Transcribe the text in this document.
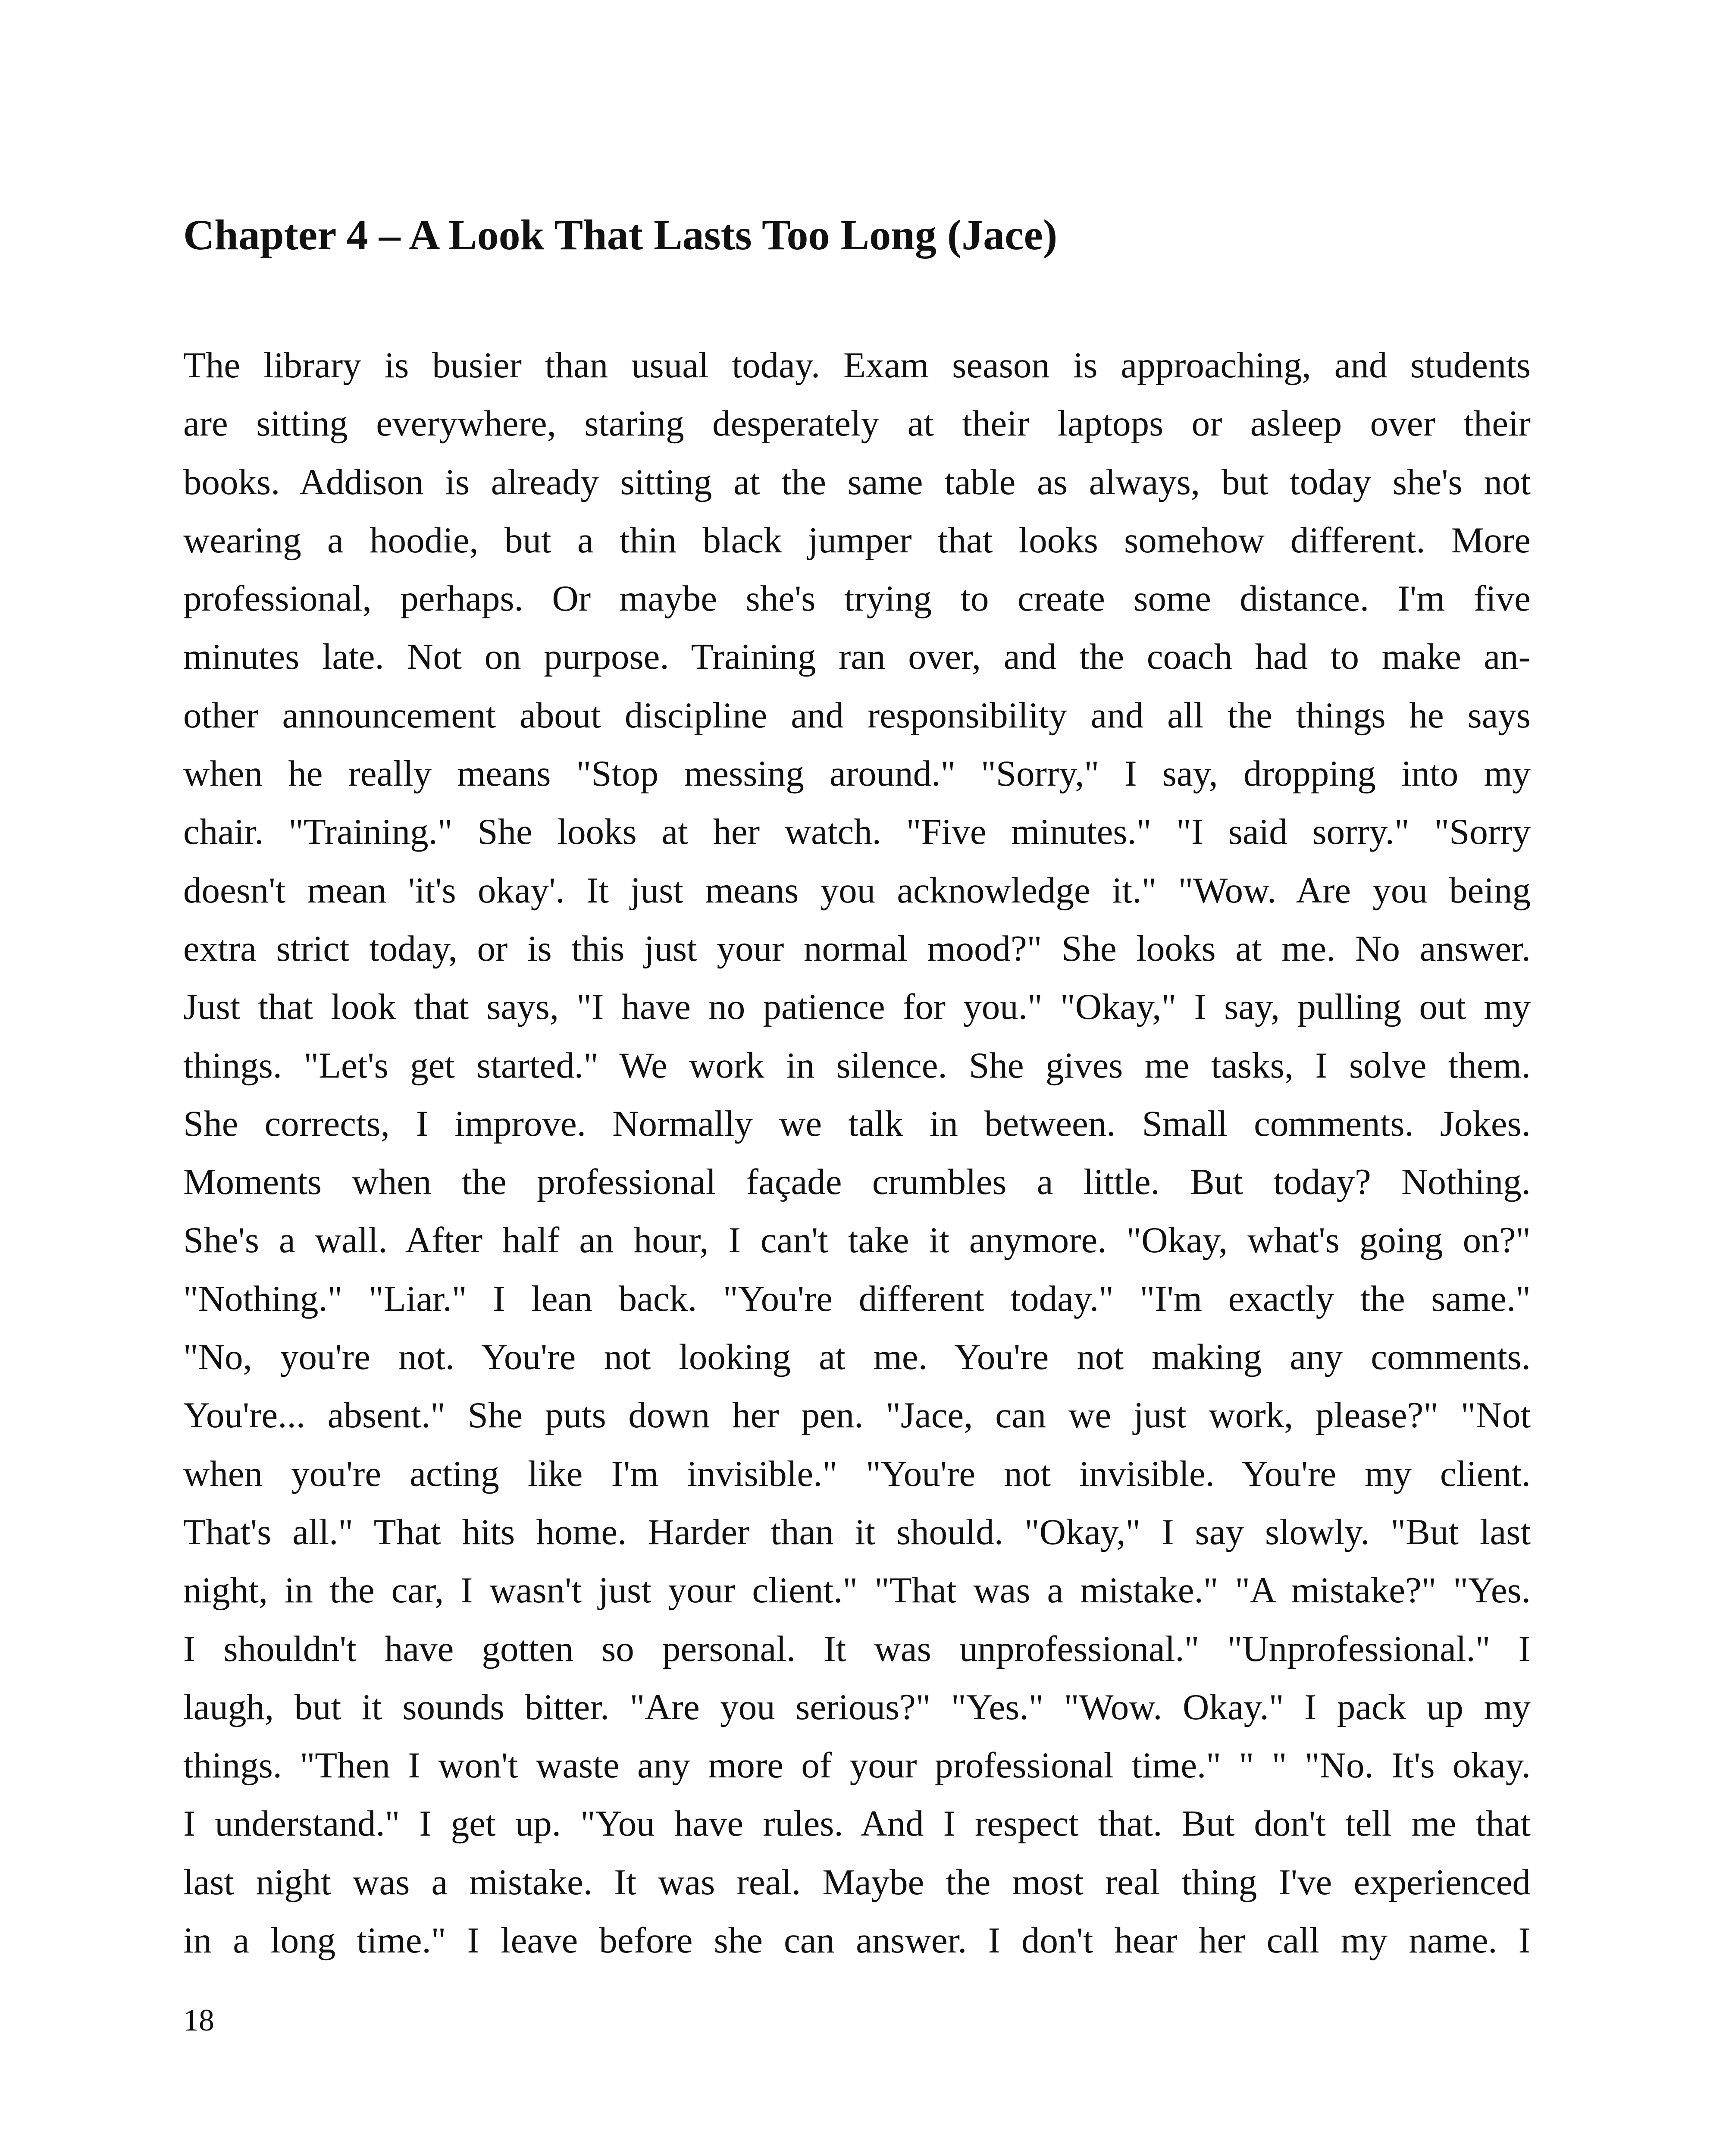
Chapter 4 – A Look That Lasts Too Long (Jace)
The library is busier than usual today. Exam season is approaching, and students
are sitting everywhere, staring desperately at their laptops or asleep over their
books. Addison is already sitting at the same table as always, but today she's not
wearing a hoodie, but a thin black jumper that looks somehow different. More
professional, perhaps. Or maybe she's trying to create some distance. I'm five
minutes late. Not on purpose. Training ran over, and the coach had to make an-
other announcement about discipline and responsibility and all the things he says
when he really means "Stop messing around." "Sorry," I say, dropping into my
chair. "Training." She looks at her watch. "Five minutes." "I said sorry." "Sorry
doesn't mean 'it's okay'. It just means you acknowledge it." "Wow. Are you being
extra strict today, or is this just your normal mood?" She looks at me. No answer.
Just that look that says, "I have no patience for you." "Okay," I say, pulling out my
things. "Let's get started." We work in silence. She gives me tasks, I solve them.
She corrects, I improve. Normally we talk in between. Small comments. Jokes.
Moments when the professional façade crumbles a little. But today? Nothing.
She's a wall. After half an hour, I can't take it anymore. "Okay, what's going on?"
"Nothing." "Liar." I lean back. "You're different today." "I'm exactly the same."
"No, you're not. You're not looking at me. You're not making any comments.
You're... absent." She puts down her pen. "Jace, can we just work, please?" "Not
when you're acting like I'm invisible." "You're not invisible. You're my client.
That's all." That hits home. Harder than it should. "Okay," I say slowly. "But last
night, in the car, I wasn't just your client." "That was a mistake." "A mistake?" "Yes.
I shouldn't have gotten so personal. It was unprofessional." "Unprofessional." I
laugh, but it sounds bitter. "Are you serious?" "Yes." "Wow. Okay." I pack up my
things. "Then I won't waste any more of your professional time." " " "No. It's okay.
I understand." I get up. "You have rules. And I respect that. But don't tell me that
last night was a mistake. It was real. Maybe the most real thing I've experienced
in a long time." I leave before she can answer. I don't hear her call my name. I
18
